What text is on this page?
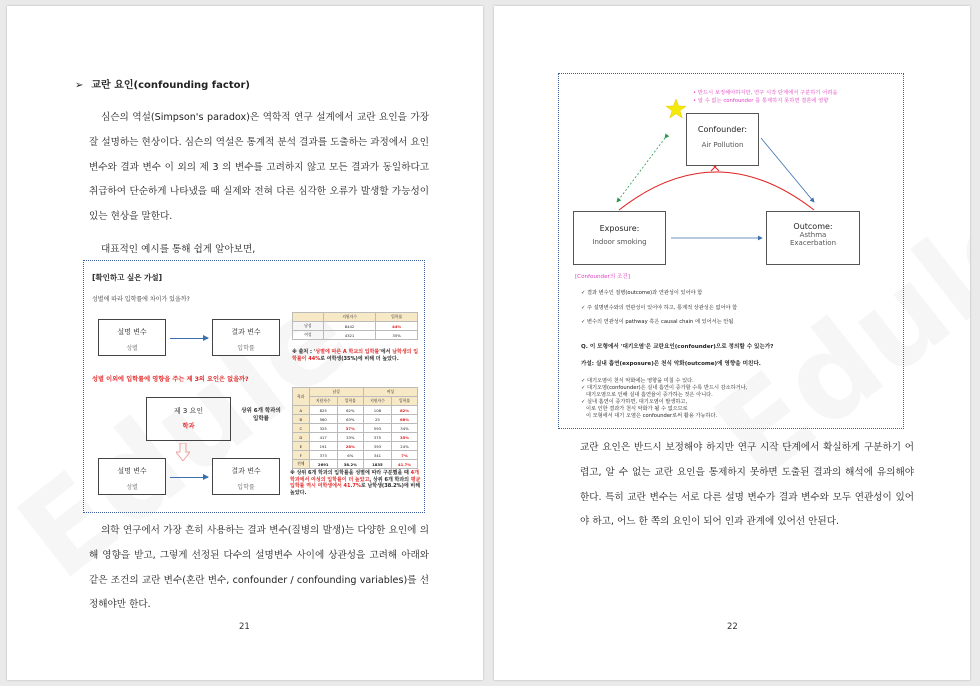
➢ 교란 요인(confounding factor)
심슨의 역설(Simpson's paradox)은 역학적 연구 설계에서 교란 요인을 가장 잘 설명하는 현상이다. 심슨의 역설은 통계적 분석 결과를 도출하는 과정에서 요인 변수와 결과 변수 이 외의 제 3 의 변수를 고려하지 않고 모든 결과가 동일하다고 취급하여 단순하게 나타냈을 때 실제와 전혀 다른 심각한 오류가 발생할 가능성이 있는 현상을 말한다.
대표적인 예시를 통해 쉽게 알아보면,
[확인하고 싶은 가설]
성별에 따라 입학률에 차이가 있을까?
설명 변수
성별
결과 변수
입학률
성별 이외에 입학률에 영향을 주는 제 3의 요인은 없을까?
제 3 요인
학과
상위 6개 학과의 입학률
설명 변수
성별
결과 변수
입학률
	지원자수	입학률
남성	8442	44%
여성	4321	35%
※ 출처 : '성별에 따른 A 학교의 입학률'에서 남학생의 입학률이 44%로 여학생(35%)에 비해 더 높았다.
학과	남성		여성	
	지원자수	입학률	지원자수	입학률
A	825	62%	108	82%
B	560	63%	25	68%
C	325	37%	593	34%
D	417	33%	375	35%
E	191	28%	393	24%
F	373	6%	341	7%
전체	2691	38.2%	1835	41.7%
※ 상위 6개 학과의 입학률을 성별에 따라 구분했을 때 4개 학과에서 여성의 입학률이 더 높았고, 상위 6개 학과의 평균 입학률 역시 여학생에서 41.7%로 남학생(38.2%)에 비해 높았다.
의학 연구에서 가장 흔히 사용하는 결과 변수(질병의 발생)는 다양한 요인에 의해 영향을 받고, 그렇게 선정된 다수의 설명변수 사이에 상관성을 고려해 아래와 같은 조건의 교란 변수(혼란 변수, confounder / confounding variables)를 선정해야만 한다.
21
• 반드시 보정해야하지만, 연구 시작 단계에서 구분하기 어려움
• 알 수 없는 confounder 를 통제하지 못하면 결론에 영향
Confounder:
Air Pollution
Exposure:
Indoor smoking
Outcome:
Asthma
Exacerbation
[Confounder의 조건]
✓ 결과 변수인 질병(outcome)과 연관성이 있어야 함
✓ 주 설명변수와의 연관성이 있어야 하고, 통계적 상관성은 없어야 함
✓ 변수의 연관성이 pathway 혹은 causal chain 에 있어서는 안됨
Q. 이 모형에서 '대기오염'은 교란요인(confounder)으로 정의할 수 있는가?
가설: 실내 흡연(exposure)은 천식 악화(outcome)에 영향을 미친다.
✓ 대기오염이 천식 악화에는 영향을 미칠 수 있다.
✓ 대기오염(confounder)은 실내 흡연이 증가할 수록 반드시 감소하거나,
대기오염으로 인해 실내 흡연율이 증가하는 것은 아니다.
✓ 실내 흡연이 증가하면, 대기오염이 발생하고,
이로 인한 결과가 천식 악화가 될 수 없으므로
이 모형에서 대기 오염은 confounder로써 활용 가능하다.
교란 요인은 반드시 보정해야 하지만 연구 시작 단계에서 확실하게 구분하기 어렵고, 알 수 없는 교란 요인을 통제하지 못하면 도출된 결과의 해석에 유의해야 한다. 특히 교란 변수는 서로 다른 설명 변수가 결과 변수와 모두 연관성이 있어야 하고, 어느 한 쪽의 요인이 되어 인과 관계에 있어선 안된다.
22
